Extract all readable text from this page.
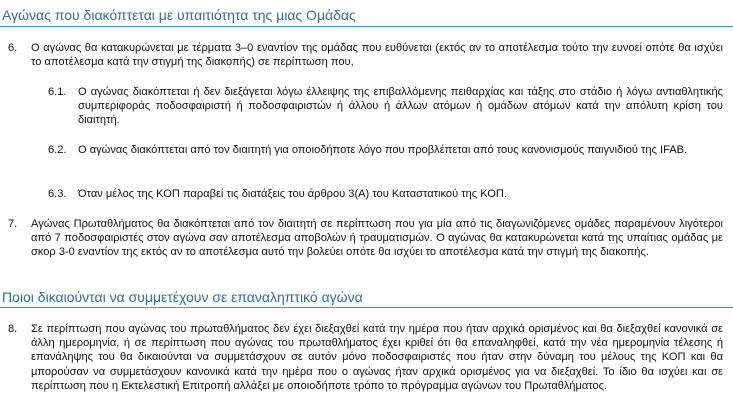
Αγώνας που διακόπτεται με υπαιτιότητα της μιας Ομάδας
6. Ο αγώνας θα κατακυρώνεται με τέρματα 3–0 εναντίον της ομάδας που ευθύνεται (εκτός αν το αποτέλεσμα τούτο την ευνοεί οπότε θα ισχύει το αποτέλεσμα κατά την στιγμή της διακοπής) σε περίπτωση που,

6.1. Ο αγώνας διακόπτεται ή δεν διεξάγεται λόγω έλλειψης της επιβαλλόμενης πειθαρχίας και τάξης στο στάδιο ή λόγω αντιαθλητικής συμπεριφοράς ποδοσφαιριστή ή ποδοσφαιριστών ή άλλου ή άλλων ατόμων ή ομάδων ατόμων κατά την απόλυτη κρίση του διαιτητή.

6.2. Ο αγώνας διακόπτεται από τον διαιτητή για οποιοδήποτε λόγο που προβλέπεται από τους κανονισμούς παιγνιδιού της IFAB.

6.3. Όταν μέλος της ΚΟΠ παραβεί τις διατάξεις του άρθρου 3(Α) του Καταστατικού της ΚΟΠ.

7. Αγώνας Πρωταθλήματος θα διακόπτεται από τον διαιτητή σε περίπτωση που για μία από τις διαγωνιζόμενες ομάδες παραμένουν λιγότεροι από 7 ποδοσφαιριστές στον αγώνα σαν αποτέλεσμα αποβολών ή τραυματισμών. Ο αγώνας θα κατακυρώνεται κατά της υπαίτιας ομάδας με σκορ 3-0 εναντίον της εκτός αν το αποτέλεσμα αυτό την βολεύει οπότε θα ισχύει το αποτέλεσμα κατά την στιγμή της διακοπής.

Ποιοι δικαιούνται να συμμετέχουν σε επαναληπτικό αγώνα
8. Σε περίπτωση που αγώνας του πρωταθλήματος δεν έχει διεξαχθεί κατά την ημέρα που ήταν αρχικά ορισμένος και θα διεξαχθεί κανονικά σε άλλη ημερομηνία, ή σε περίπτωση που αγώνας του πρωταθλήματος έχει κριθεί ότι θα επαναληφθεί, κατά την νέα ημερομηνία τέλεσης ή επανάληψης του θα δικαιούνται να συμμετάσχουν σε αυτόν μόνο ποδοσφαιριστές που ήταν στην δύναμη του μέλους της ΚΟΠ και θα μπορούσαν να συμμετάσχουν κανονικά κατά την ημέρα που ο αγώνας ήταν αρχικά ορισμένος για να διεξαχθεί. Το ίδιο θα ισχύει και σε περίπτωση που η Εκτελεστική Επιτροπή αλλάξει με οποιοδήποτε τρόπο το πρόγραμμα αγώνων του Πρωταθλήματος.
